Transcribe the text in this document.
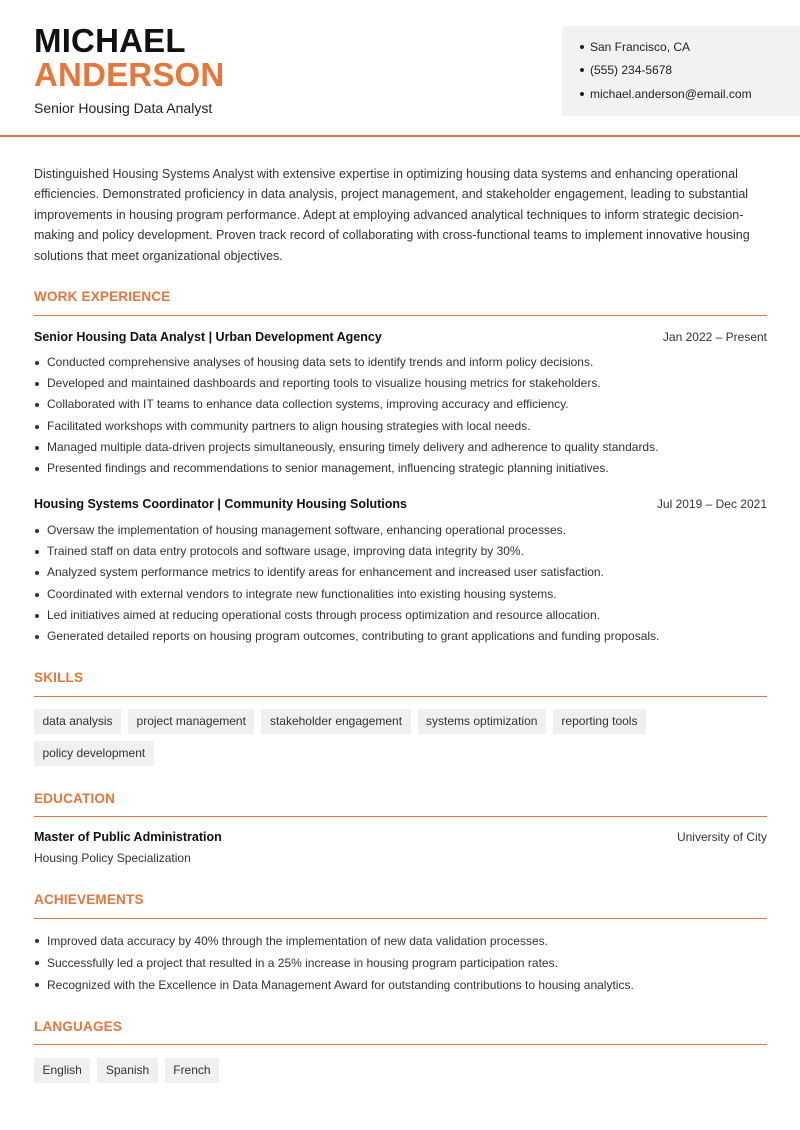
MICHAEL
ANDERSON
Senior Housing Data Analyst
San Francisco, CA
(555) 234-5678
michael.anderson@email.com
Distinguished Housing Systems Analyst with extensive expertise in optimizing housing data systems and enhancing operational efficiencies. Demonstrated proficiency in data analysis, project management, and stakeholder engagement, leading to substantial improvements in housing program performance. Adept at employing advanced analytical techniques to inform strategic decision-making and policy development. Proven track record of collaborating with cross-functional teams to implement innovative housing solutions that meet organizational objectives.
WORK EXPERIENCE
Senior Housing Data Analyst | Urban Development Agency	Jan 2022 – Present
Conducted comprehensive analyses of housing data sets to identify trends and inform policy decisions.
Developed and maintained dashboards and reporting tools to visualize housing metrics for stakeholders.
Collaborated with IT teams to enhance data collection systems, improving accuracy and efficiency.
Facilitated workshops with community partners to align housing strategies with local needs.
Managed multiple data-driven projects simultaneously, ensuring timely delivery and adherence to quality standards.
Presented findings and recommendations to senior management, influencing strategic planning initiatives.
Housing Systems Coordinator | Community Housing Solutions	Jul 2019 – Dec 2021
Oversaw the implementation of housing management software, enhancing operational processes.
Trained staff on data entry protocols and software usage, improving data integrity by 30%.
Analyzed system performance metrics to identify areas for enhancement and increased user satisfaction.
Coordinated with external vendors to integrate new functionalities into existing housing systems.
Led initiatives aimed at reducing operational costs through process optimization and resource allocation.
Generated detailed reports on housing program outcomes, contributing to grant applications and funding proposals.
SKILLS
data analysis	project management	stakeholder engagement	systems optimization	reporting tools
policy development
EDUCATION
Master of Public Administration	University of City
Housing Policy Specialization
ACHIEVEMENTS
Improved data accuracy by 40% through the implementation of new data validation processes.
Successfully led a project that resulted in a 25% increase in housing program participation rates.
Recognized with the Excellence in Data Management Award for outstanding contributions to housing analytics.
LANGUAGES
English	Spanish	French
